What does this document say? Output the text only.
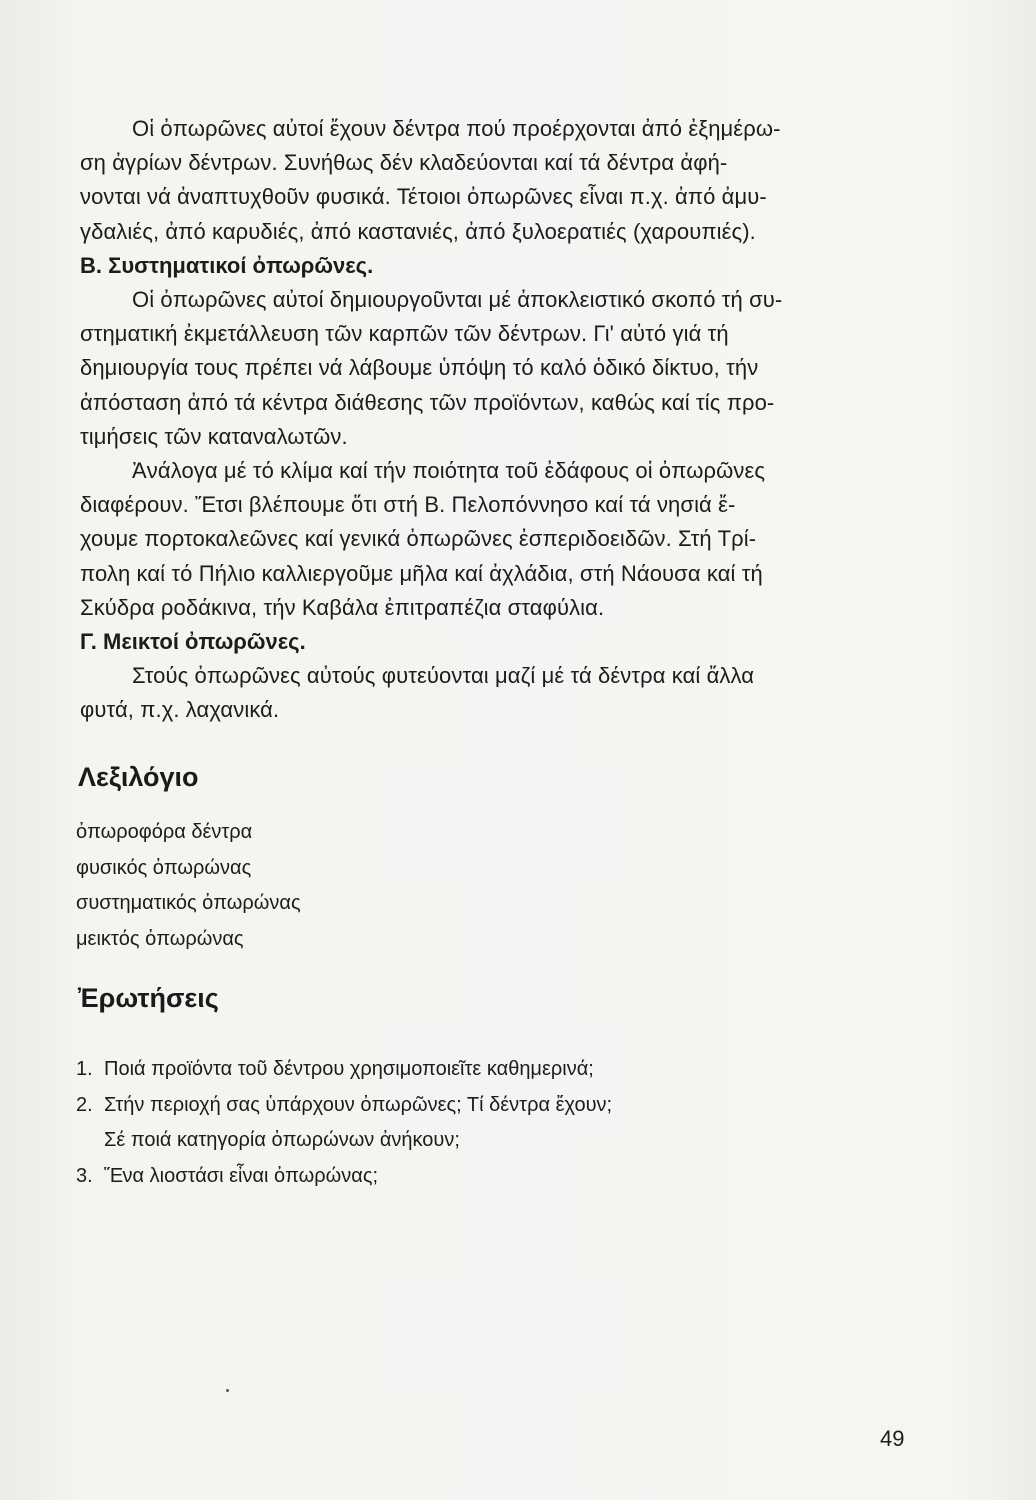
Οἱ ὀπωρῶνες αὐτοί ἔχουν δέντρα πού προέρχονται ἀπό ἐξημέρω-
ση ἀγρίων δέντρων. Συνήθως δέν κλαδεύονται καί τά δέντρα ἀφή-
νονται νά ἀναπτυχθοῦν φυσικά. Τέτοιοι ὀπωρῶνες εἶναι π.χ. ἀπό ἀμυ-
γδαλιές, ἀπό καρυδιές, ἀπό καστανιές, ἀπό ξυλοερατιές (χαρουπιές).

Β. Συστηματικοί ὀπωρῶνες.

Οἱ ὀπωρῶνες αὐτοί δημιουργοῦνται μέ ἀποκλειστικό σκοπό τή συ-
στηματική ἐκμετάλλευση τῶν καρπῶν τῶν δέντρων. Γι' αὐτό γιά τή
δημιουργία τους πρέπει νά λάβουμε ὑπόψη τό καλό ὁδικό δίκτυο, τήν
ἀπόσταση ἀπό τά κέντρα διάθεσης τῶν προϊόντων, καθώς καί τίς προ-
τιμήσεις τῶν καταναλωτῶν.

Ἀνάλογα μέ τό κλίμα καί τήν ποιότητα τοῦ ἐδάφους οἱ ὀπωρῶνες
διαφέρουν. Ἔτσι βλέπουμε ὅτι στή Β. Πελοπόννησο καί τά νησιά ἔ-
χουμε πορτοκαλεῶνες καί γενικά ὀπωρῶνες ἐσπεριδοειδῶν. Στή Τρί-
πολη καί τό Πήλιο καλλιεργοῦμε μῆλα καί ἀχλάδια, στή Νάουσα καί τή
Σκύδρα ροδάκινα, τήν Καβάλα ἐπιτραπέζια σταφύλια.

Γ. Μεικτοί ὀπωρῶνες.

Στούς ὀπωρῶνες αὐτούς φυτεύονται μαζί μέ τά δέντρα καί ἄλλα
φυτά, π.χ. λαχανικά.

Λεξιλόγιο
ὀπωροφόρα δέντρα
φυσικός ὀπωρώνας
συστηματικός ὀπωρώνας
μεικτός ὀπωρώνας
Ἐρωτήσεις
1. Ποιά προϊόντα τοῦ δέντρου χρησιμοποιεῖτε καθημερινά;
2. Στήν περιοχή σας ὑπάρχουν ὀπωρῶνες; Τί δέντρα ἔχουν;
Σέ ποιά κατηγορία ὀπωρώνων ἀνήκουν;
3. Ἕνα λιοστάσι εἶναι ὀπωρώνας;
49
